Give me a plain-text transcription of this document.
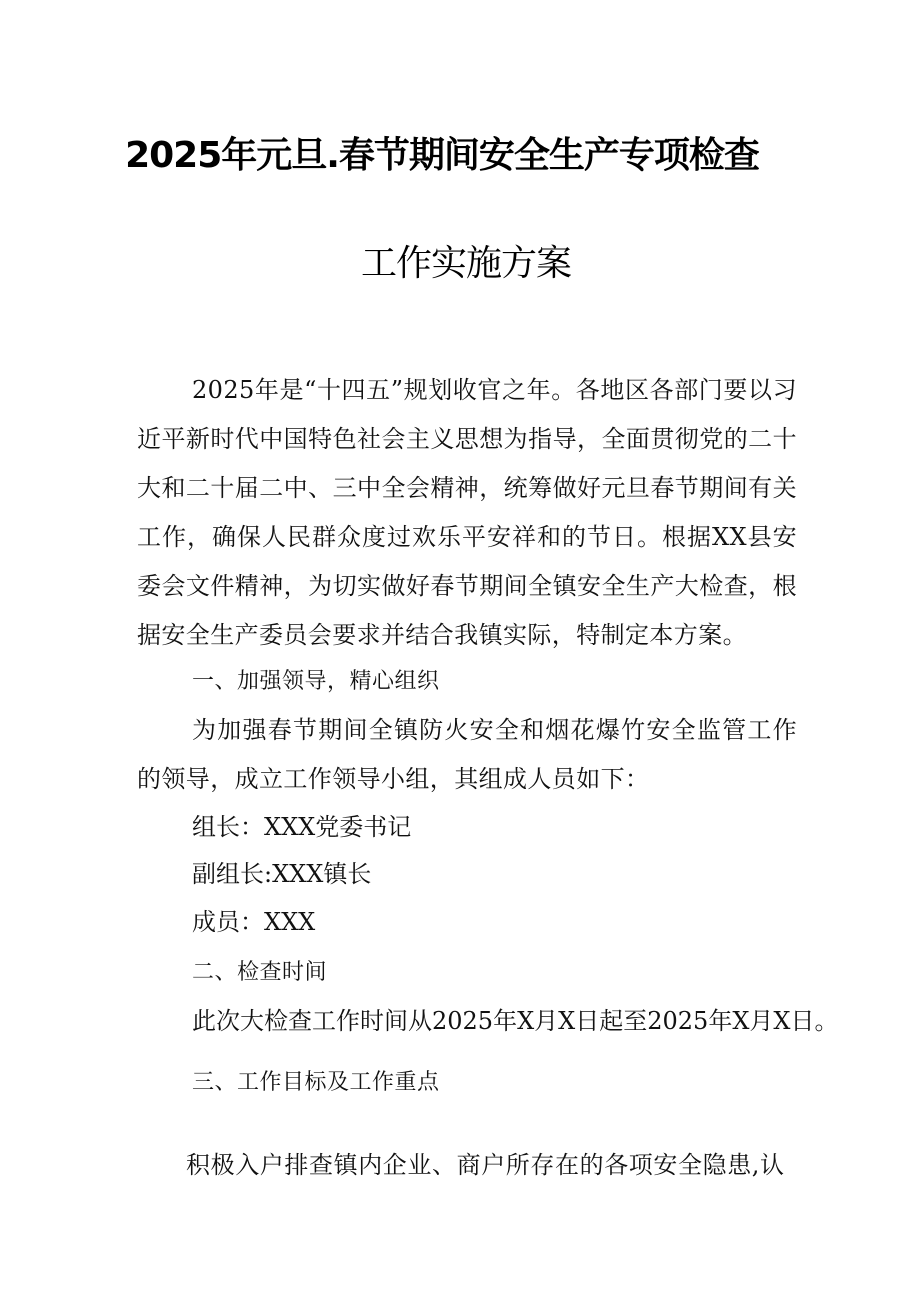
2025年元旦.春节期间安全生产专项检查
工作实施方案

2025年是“十四五”规划收官之年。各地区各部门要以习近平新时代中国特色社会主义思想为指导，全面贯彻党的二十大和二十届二中、三中全会精神，统筹做好元旦春节期间有关工作，确保人民群众度过欢乐平安祥和的节日。根据XX县安委会文件精神，为切实做好春节期间全镇安全生产大检查，根据安全生产委员会要求并结合我镇实际，特制定本方案。

一、加强领导，精心组织

为加强春节期间全镇防火安全和烟花爆竹安全监管工作的领导，成立工作领导小组，其组成人员如下：

组长：XXX党委书记
副组长:XXX镇长
成员：XXX
二、检查时间
此次大检查工作时间从2025年X月X日起至2025年X月X日。
三、工作目标及工作重点
积极入户排查镇内企业、商户所存在的各项安全隐患,认
